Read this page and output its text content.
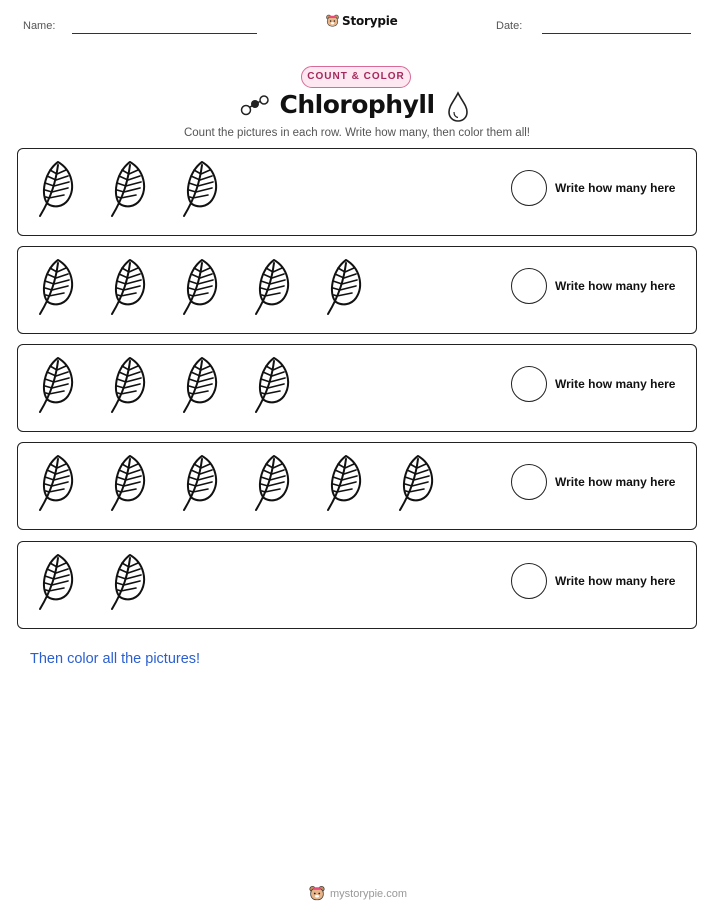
Name:	Storypie	Date:
COUNT & COLOR
Chlorophyll
Count the pictures in each row. Write how many, then color them all!
Write how many here
Write how many here
Write how many here
Write how many here
Write how many here
Then color all the pictures!
mystorypie.com
